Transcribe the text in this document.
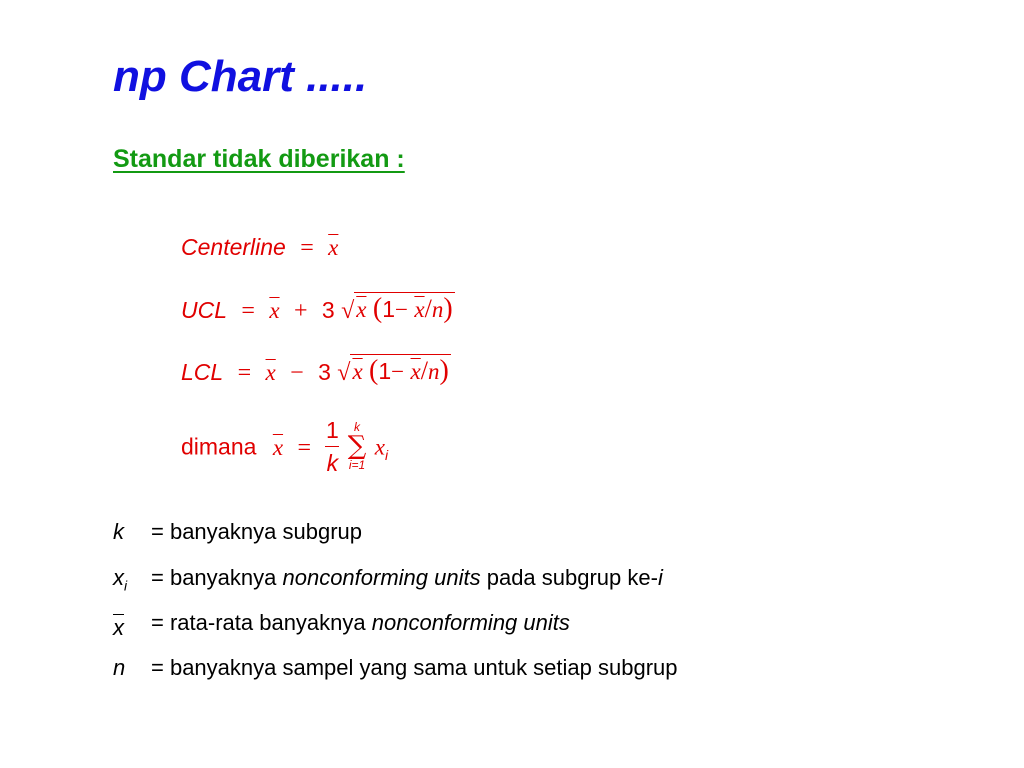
np Chart .....
Standar tidak diberikan :
Centerline = $\overline{x}$
UCL = $\overline{x} + 3$ √ x $(1- \overline{x}/n)$
LCL = $\overline{x} - 3$ √ x $(1- \overline{x}/n)$
dimana $\overline{x} = \frac{1}{k}$
	k
∑
i=1
$x_i$
k = banyaknya subgrup
$x_i$ = banyaknya nonconforming units pada subgrup ke-i
$\overline{x}$ = rata-rata banyaknya nonconforming units
n = banyaknya sampel yang sama untuk setiap subgrup
